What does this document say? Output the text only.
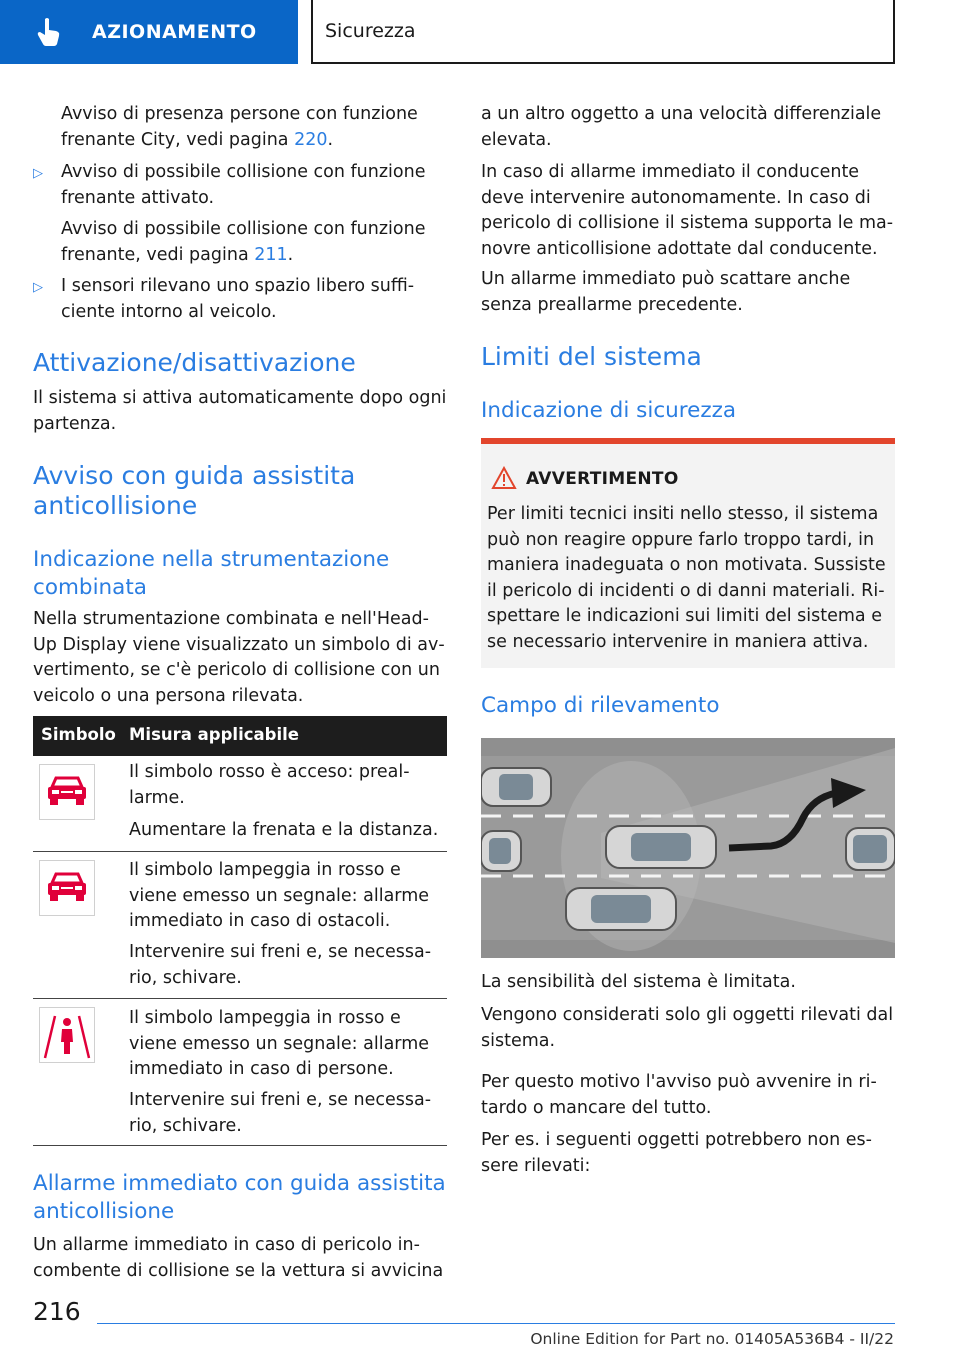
AZIONAMENTO	Sicurezza
Avviso di presenza persone con funzione frenante City, vedi pagina 220.
▷ Avviso di possibile collisione con funzione frenante attivato.
Avviso di possibile collisione con funzione frenante, vedi pagina 211.
▷ I sensori rilevano uno spazio libero sufficiente intorno al veicolo.
Attivazione/disattivazione
Il sistema si attiva automaticamente dopo ogni partenza.
Avviso con guida assistita anticollisione
Indicazione nella strumentazione combinata
Nella strumentazione combinata e nell'Head-Up Display viene visualizzato un simbolo di avvertimento, se c'è pericolo di collisione con un veicolo o una persona rilevata.
Simbolo Misura applicabile
Il simbolo rosso è acceso: preallarme.
Aumentare la frenata e la distanza.
Il simbolo lampeggia in rosso e viene emesso un segnale: allarme immediato in caso di ostacoli.
Intervenire sui freni e, se necessario, schivare.
Il simbolo lampeggia in rosso e viene emesso un segnale: allarme immediato in caso di persone.
Intervenire sui freni e, se necessario, schivare.
Allarme immediato con guida assistita anticollisione
Un allarme immediato in caso di pericolo incombente di collisione se la vettura si avvicina
a un altro oggetto a una velocità differenziale elevata.
In caso di allarme immediato il conducente deve intervenire autonomamente. In caso di pericolo di collisione il sistema supporta le manovre anticollisione adottate dal conducente.
Un allarme immediato può scattare anche senza preallarme precedente.
Limiti del sistema
Indicazione di sicurezza
AVVERTIMENTO
Per limiti tecnici insiti nello stesso, il sistema può non reagire oppure farlo troppo tardi, in maniera inadeguata o non motivata. Sussiste il pericolo di incidenti o di danni materiali. Rispettare le indicazioni sui limiti del sistema e se necessario intervenire in maniera attiva.
Campo di rilevamento
La sensibilità del sistema è limitata.
Vengono considerati solo gli oggetti rilevati dal sistema.
Per questo motivo l'avviso può avvenire in ritardo o mancare del tutto.
Per es. i seguenti oggetti potrebbero non essere rilevati:
216
Online Edition for Part no. 01405A536B4 - II/22
